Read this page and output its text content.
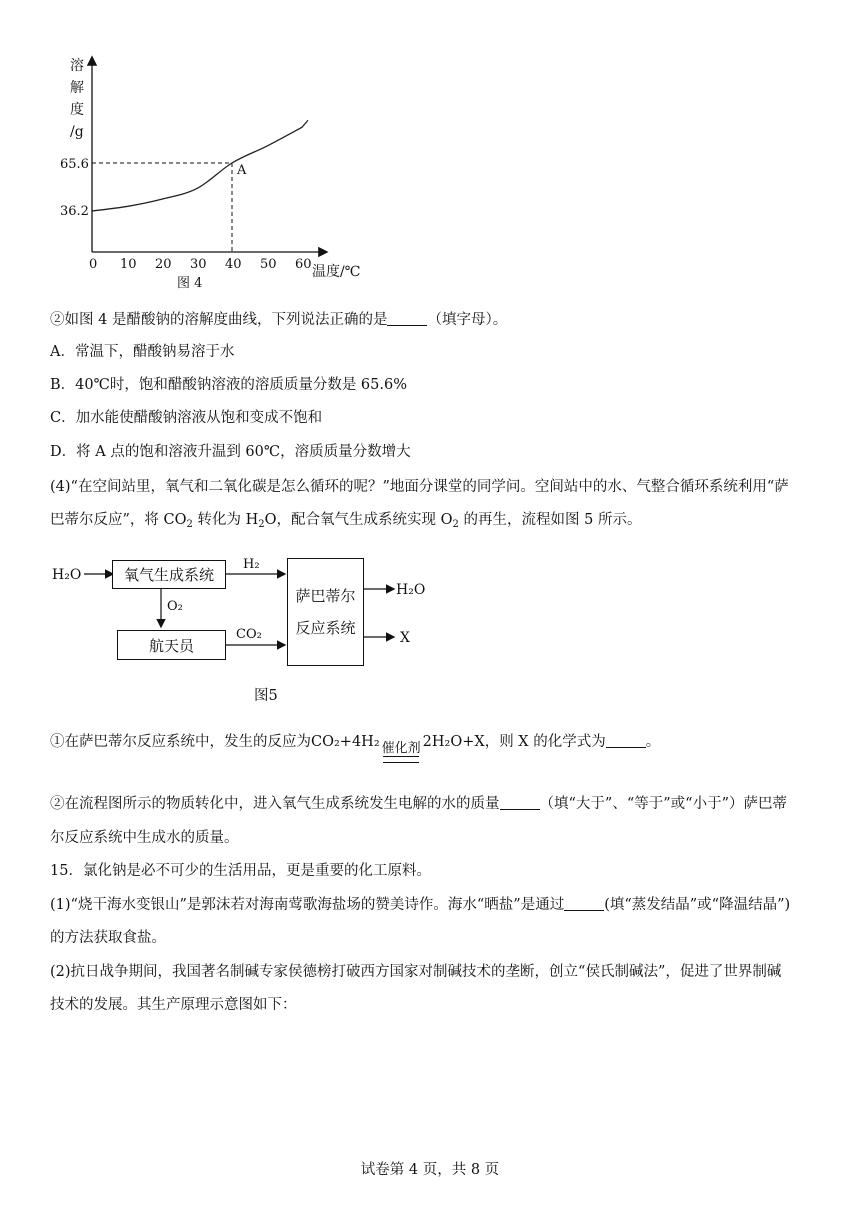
溶
解
度
/g
65.6
36.2
A
0 10 20 30 40 50 60 温度/℃
图 4
②如图 4 是醋酸钠的溶解度曲线，下列说法正确的是	（填字母）。
A．常温下，醋酸钠易溶于水
B．40℃时，饱和醋酸钠溶液的溶质质量分数是 65.6%
C．加水能使醋酸钠溶液从饱和变成不饱和
D．将 A 点的饱和溶液升温到 60℃，溶质质量分数增大
(4)“在空间站里，氧气和二氧化碳是怎么循环的呢？”地面分课堂的同学问。空间站中的水、气整合循环系统利用“萨
巴蒂尔反应”，将 $CO_2$ 转化为 $H_2O$，配合氧气生成系统实现 $O_2$ 的再生，流程如图 5 所示。
H₂O
H₂
O₂
CO₂
H₂O
X
氧气生成系统
航天员
萨巴蒂尔
反应系统
图5
①在萨巴蒂尔反应系统中，发生的反应为CO₂+4H₂ 催化剂 2H₂O+X，则 X 的化学式为	。
②在流程图所示的物质转化中，进入氧气生成系统发生电解的水的质量	（填“大于”、“等于”或“小于”）萨巴蒂
尔反应系统中生成水的质量。
15．氯化钠是必不可少的生活用品，更是重要的化工原料。
(1)“烧干海水变银山”是郭沫若对海南莺歌海盐场的赞美诗作。海水“晒盐”是通过	(填“蒸发结晶”或“降温结晶”)
的方法获取食盐。
(2)抗日战争期间，我国著名制碱专家侯德榜打破西方国家对制碱技术的垄断，创立“侯氏制碱法”，促进了世界制碱
技术的发展。其生产原理示意图如下：
试卷第 4 页，共 8 页
